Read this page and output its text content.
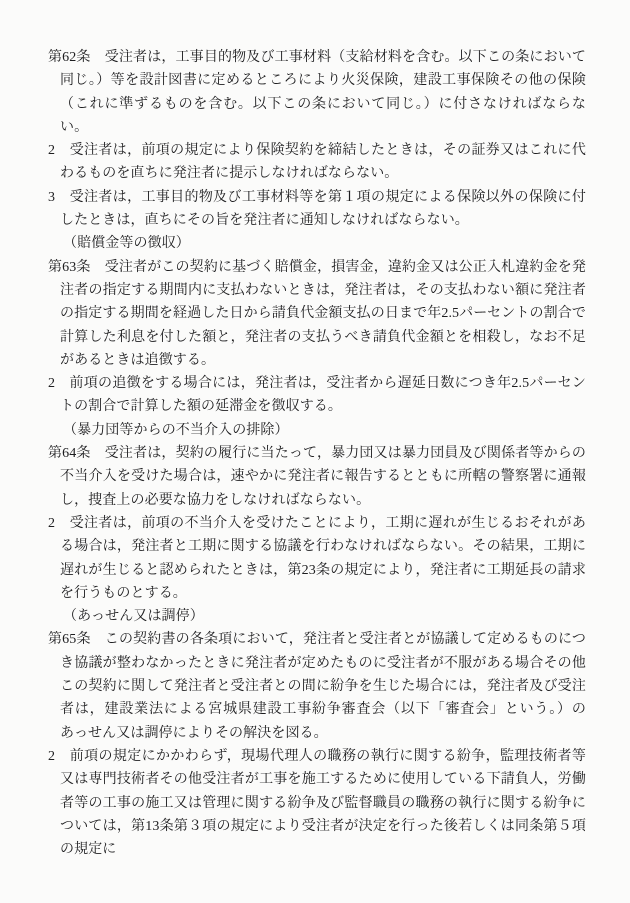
第62条　受注者は，工事目的物及び工事材料（支給材料を含む。以下この条において同じ。）等を設計図書に定めるところにより火災保険，建設工事保険その他の保険（これに準ずるものを含む。以下この条において同じ。）に付さなければならない。

2　受注者は，前項の規定により保険契約を締結したときは，その証券又はこれに代わるものを直ちに発注者に提示しなければならない。

3　受注者は，工事目的物及び工事材料等を第１項の規定による保険以外の保険に付したときは，直ちにその旨を発注者に通知しなければならない。

（賠償金等の徴収）

第63条　受注者がこの契約に基づく賠償金，損害金，違約金又は公正入札違約金を発注者の指定する期間内に支払わないときは，発注者は，その支払わない額に発注者の指定する期間を経過した日から請負代金額支払の日まで年2.5パーセントの割合で計算した利息を付した額と，発注者の支払うべき請負代金額とを相殺し，なお不足があるときは追徴する。

2　前項の追徴をする場合には，発注者は，受注者から遅延日数につき年2.5パーセントの割合で計算した額の延滞金を徴収する。

（暴力団等からの不当介入の排除）

第64条　受注者は，契約の履行に当たって，暴力団又は暴力団員及び関係者等からの不当介入を受けた場合は，速やかに発注者に報告するとともに所轄の警察署に通報し，捜査上の必要な協力をしなければならない。

2　受注者は，前項の不当介入を受けたことにより，工期に遅れが生じるおそれがある場合は，発注者と工期に関する協議を行わなければならない。その結果，工期に遅れが生じると認められたときは，第23条の規定により，発注者に工期延長の請求を行うものとする。

（あっせん又は調停）

第65条　この契約書の各条項において，発注者と受注者とが協議して定めるものにつき協議が整わなかったときに発注者が定めたものに受注者が不服がある場合その他この契約に関して発注者と受注者との間に紛争を生じた場合には，発注者及び受注者は，建設業法による宮城県建設工事紛争審査会（以下「審査会」という。）のあっせん又は調停によりその解決を図る。

2　前項の規定にかかわらず，現場代理人の職務の執行に関する紛争，監理技術者等又は専門技術者その他受注者が工事を施工するために使用している下請負人，労働者等の工事の施工又は管理に関する紛争及び監督職員の職務の執行に関する紛争については，第13条第３項の規定により受注者が決定を行った後若しくは同条第５項の規定に
